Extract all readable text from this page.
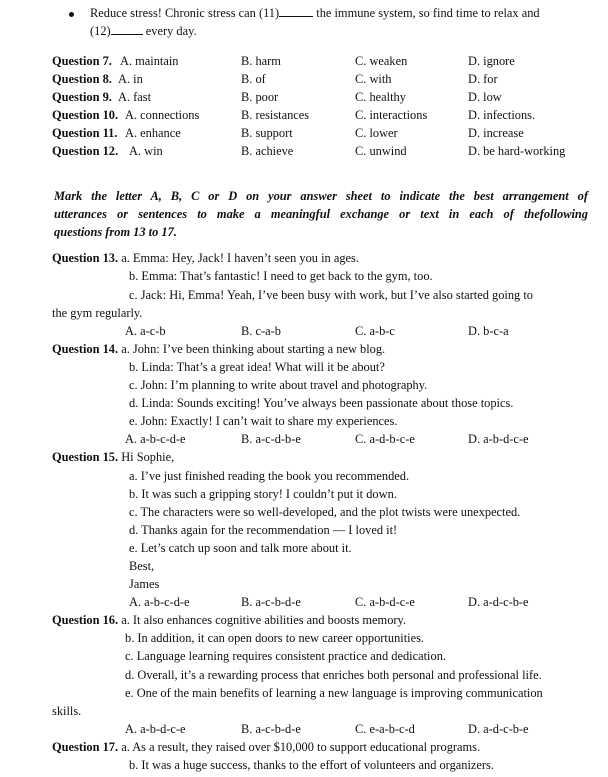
Reduce stress! Chronic stress can (11)	the immune system, so find time to relax and
(12)	every day.
Question 7. A. maintain	B. harm	C. weaken	D. ignore
Question 8. A. in	B. of	C. with	D. for
Question 9. A. fast	B. poor	C. healthy	D. low
Question 10. A. connections	B. resistances	C. interactions	D. infections.
Question 11. A. enhance	B. support	C. lower	D. increase
Question 12. A. win	B. achieve	C. unwind	D. be hard-working
Mark the letter A, B, C or D on your answer sheet to indicate the best arrangement of
utterances or sentences to make a meaningful exchange or text in each of thefollowing
questions from 13 to 17.
Question 13. a. Emma: Hey, Jack! I haven’t seen you in ages.
b. Emma: That’s fantastic! I need to get back to the gym, too.
c. Jack: Hi, Emma! Yeah, I’ve been busy with work, but I’ve also started going to
the gym regularly.
A. a-c-b	B. c-a-b	C. a-b-c	D. b-c-a
Question 14. a. John: I’ve been thinking about starting a new blog.
b. Linda: That’s a great idea! What will it be about?
c. John: I’m planning to write about travel and photography.
d. Linda: Sounds exciting! You’ve always been passionate about those topics.
e. John: Exactly! I can’t wait to share my experiences.
A. a-b-c-d-e	B. a-c-d-b-e	C. a-d-b-c-e	D. a-b-d-c-e
Question 15. Hi Sophie,
a. I’ve just finished reading the book you recommended.
b. It was such a gripping story! I couldn’t put it down.
c. The characters were so well-developed, and the plot twists were unexpected.
d. Thanks again for the recommendation — I loved it!
e. Let’s catch up soon and talk more about it.
Best,
James
A. a-b-c-d-e	B. a-c-b-d-e	C. a-b-d-c-e	D. a-d-c-b-e
Question 16. a. It also enhances cognitive abilities and boosts memory.
b. In addition, it can open doors to new career opportunities.
c. Language learning requires consistent practice and dedication.
d. Overall, it’s a rewarding process that enriches both personal and professional life.
e. One of the main benefits of learning a new language is improving communication
skills.
A. a-b-d-c-e	B. a-c-b-d-e	C. e-a-b-c-d	D. a-d-c-b-e
Question 17. a. As a result, they raised over $10,000 to support educational programs.
b. It was a huge success, thanks to the effort of volunteers and organizers.
